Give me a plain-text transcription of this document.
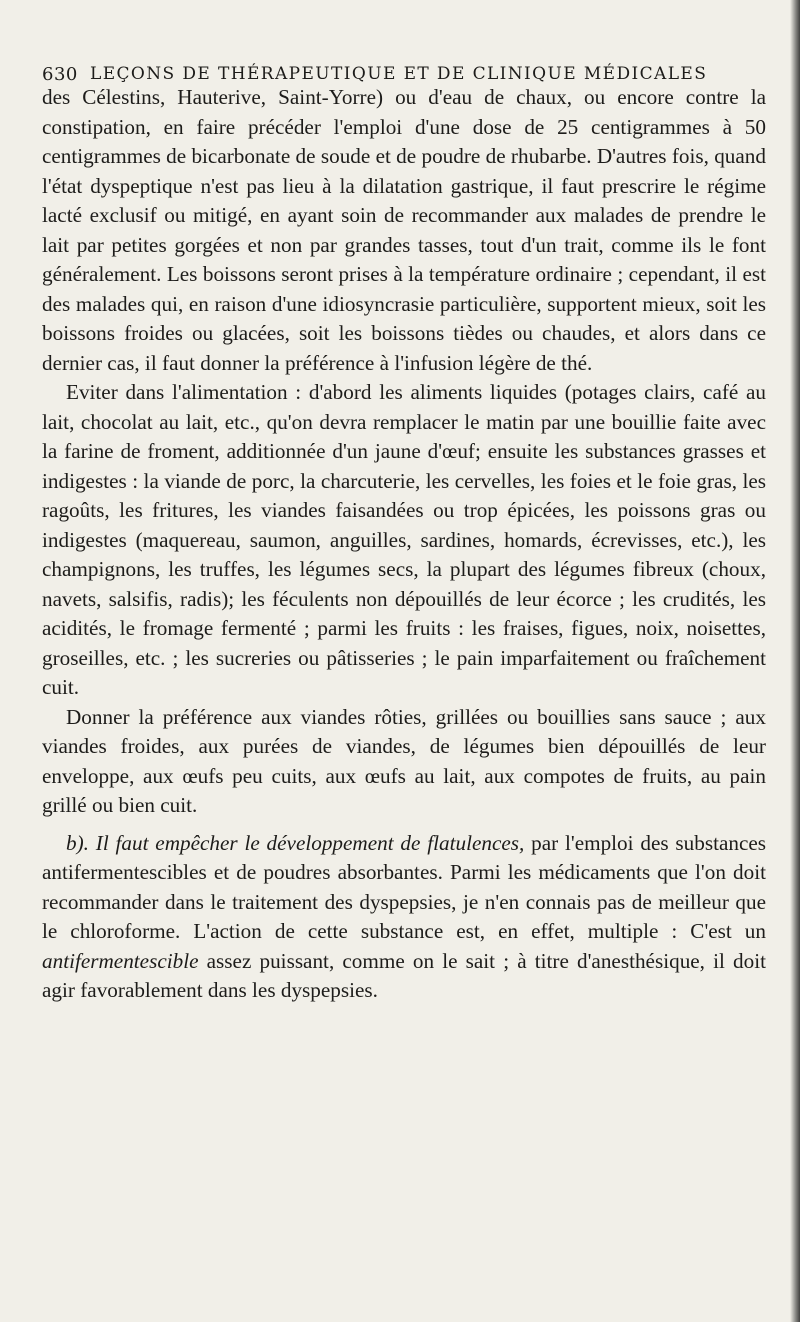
630 LEÇONS DE THÉRAPEUTIQUE ET DE CLINIQUE MÉDICALES

des Célestins, Hauterive, Saint-Yorre) ou d'eau de chaux, ou encore contre la constipation, en faire précéder l'emploi d'une dose de 25 centigrammes à 50 centigrammes de bicarbonate de soude et de poudre de rhubarbe. D'autres fois, quand l'état dyspeptique n'est pas lieu à la dilatation gastrique, il faut prescrire le régime lacté exclusif ou mitigé, en ayant soin de recommander aux malades de prendre le lait par petites gorgées et non par grandes tasses, tout d'un trait, comme ils le font généralement. Les boissons seront prises à la température ordinaire ; cependant, il est des malades qui, en raison d'une idiosyncrasie particulière, supportent mieux, soit les boissons froides ou glacées, soit les boissons tièdes ou chaudes, et alors dans ce dernier cas, il faut donner la préférence à l'infusion légère de thé.

Eviter dans l'alimentation : d'abord les aliments liquides (potages clairs, café au lait, chocolat au lait, etc., qu'on devra remplacer le matin par une bouillie faite avec la farine de froment, additionnée d'un jaune d'œuf; ensuite les substances grasses et indigestes : la viande de porc, la charcuterie, les cervelles, les foies et le foie gras, les ragoûts, les fritures, les viandes faisandées ou trop épicées, les poissons gras ou indigestes (maquereau, saumon, anguilles, sardines, homards, écrevisses, etc.), les champignons, les truffes, les légumes secs, la plupart des légumes fibreux (choux, navets, salsifis, radis); les féculents non dépouillés de leur écorce ; les crudités, les acidités, le fromage fermenté ; parmi les fruits : les fraises, figues, noix, noisettes, groseilles, etc. ; les sucreries ou pâtisseries ; le pain imparfaitement ou fraîchement cuit.

Donner la préférence aux viandes rôties, grillées ou bouillies sans sauce ; aux viandes froides, aux purées de viandes, de légumes bien dépouillés de leur enveloppe, aux œufs peu cuits, aux œufs au lait, aux compotes de fruits, au pain grillé ou bien cuit.

b). Il faut empêcher le développement de flatulences, par l'emploi des substances antifermentescibles et de poudres absorbantes. Parmi les médicaments que l'on doit recommander dans le traitement des dyspepsies, je n'en connais pas de meilleur que le chloroforme. L'action de cette substance est, en effet, multiple : C'est un antifermentescible assez puissant, comme on le sait ; à titre d'anesthésique, il doit agir favorablement dans les dyspepsies.
